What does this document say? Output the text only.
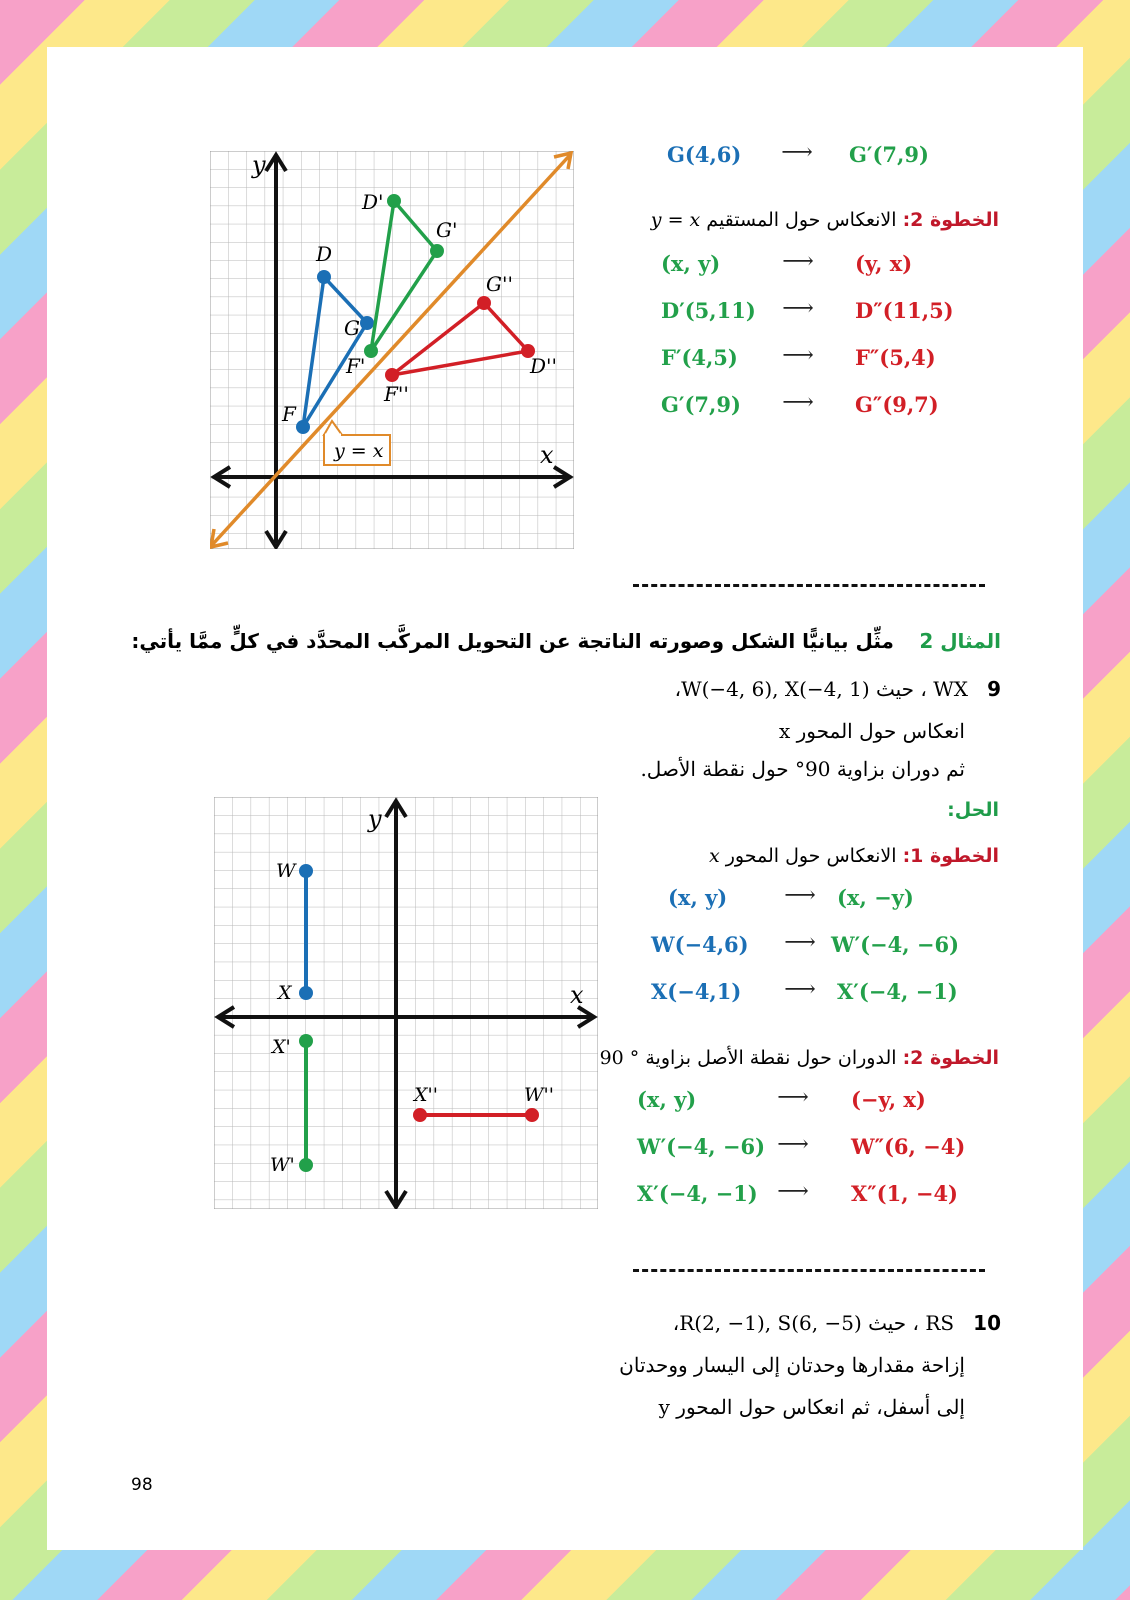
y
x
D
F
G
D'
F'
G'
D''
F''
G''
y = x
G(4,6) ⟶ G′(7,9)
الخطوة 2: الانعكاس حول المستقيم y = x
(x, y)	⟶ (y, x)
D′(5,11) ⟶ D″(11,5)
F′(4,5) ⟶ F″(5,4)
G′(7,9) ⟶ G″(9,7)
المثال 2    مثِّل بيانيًّا الشكل وصورته الناتجة عن التحويل المركَّب المحدَّد في كلٍّ ممَّا يأتي:
9   WX ، حيث (W(−4, 6), X(−4, 1،
انعكاس حول المحور x
ثم دوران بزاوية 90° حول نقطة الأصل.
y
x
W
X
X'
W'
X''	W''
الحل:
الخطوة 1: الانعكاس حول المحور x
(x, y)	⟶ (x, −y)
W(−4,6) ⟶ W′(−4, −6)
X(−4,1) ⟶ X′(−4, −1)
الخطوة 2: الدوران حول نقطة الأصل بزاوية 90 °
(x, y)	⟶ (−y, x)
W′(−4, −6) ⟶ W″(6, −4)
X′(−4, −1) ⟶ X″(1, −4)
10   RS ، حيث (R(2, −1), S(6, −5،
إزاحة مقدارها وحدتان إلى اليسار ووحدتان
إلى أسفل، ثم انعكاس حول المحور y
98
